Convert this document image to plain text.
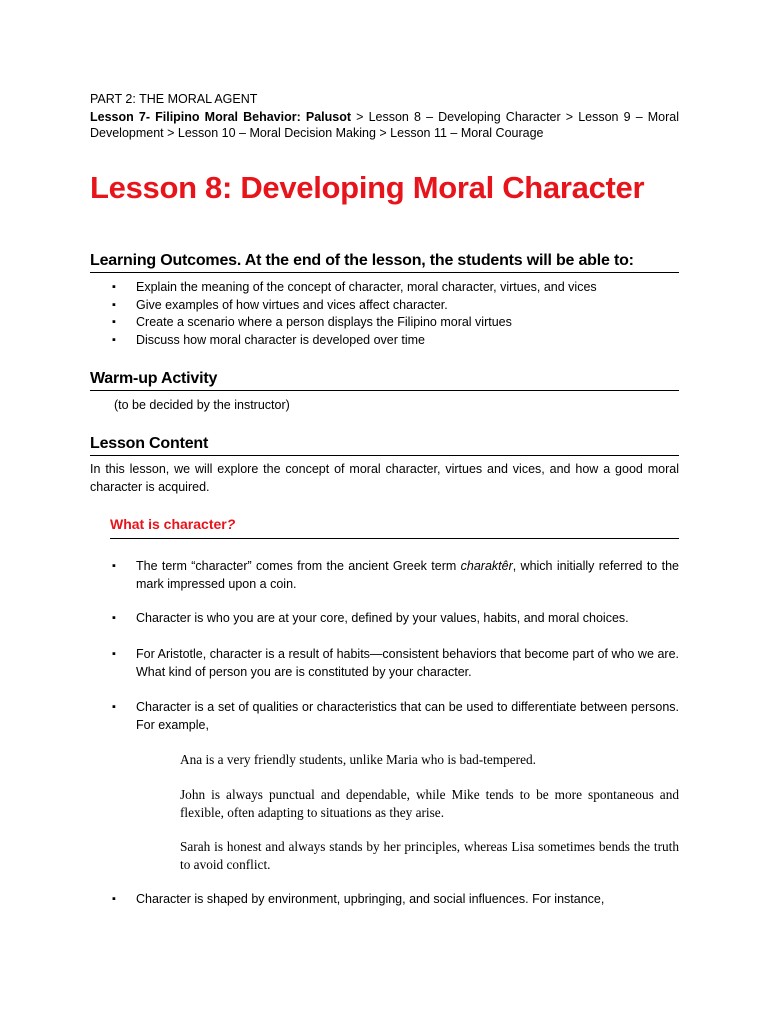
PART 2: THE MORAL AGENT
Lesson 7- Filipino Moral Behavior: Palusot > Lesson 8 – Developing Character > Lesson 9 – Moral Development > Lesson 10 – Moral Decision Making > Lesson 11 – Moral Courage
Lesson 8: Developing Moral Character
Learning Outcomes. At the end of the lesson, the students will be able to:
▪ Explain the meaning of the concept of character, moral character, virtues, and vices
▪ Give examples of how virtues and vices affect character.
▪ Create a scenario where a person displays the Filipino moral virtues
▪ Discuss how moral character is developed over time
Warm-up Activity
(to be decided by the instructor)
Lesson Content
In this lesson, we will explore the concept of moral character, virtues and vices, and how a good moral character is acquired.
What is character?
▪ The term “character” comes from the ancient Greek term charaktêr, which initially referred to the mark impressed upon a coin.
▪ Character is who you are at your core, defined by your values, habits, and moral choices.
▪ For Aristotle, character is a result of habits—consistent behaviors that become part of who we are. What kind of person you are is constituted by your character.
▪ Character is a set of qualities or characteristics that can be used to differentiate between persons. For example,
Ana is a very friendly students, unlike Maria who is bad-tempered.
John is always punctual and dependable, while Mike tends to be more spontaneous and flexible, often adapting to situations as they arise.
Sarah is honest and always stands by her principles, whereas Lisa sometimes bends the truth to avoid conflict.
▪ Character is shaped by environment, upbringing, and social influences. For instance,
